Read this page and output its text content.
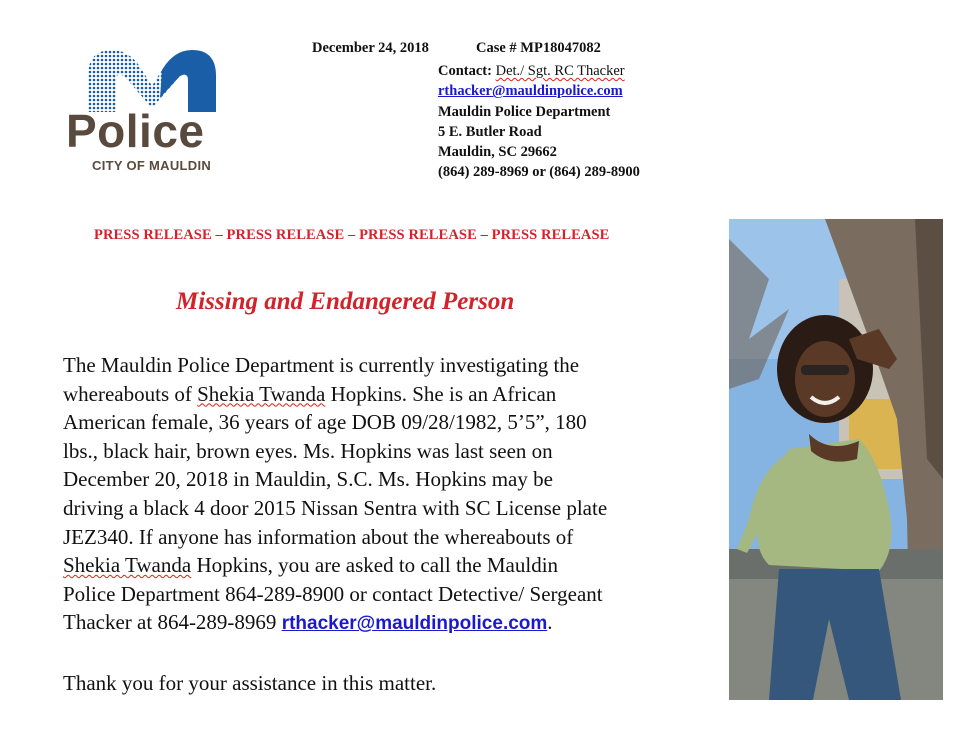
Police
CITY OF MAULDIN
December 24, 2018	Case # MP18047082
Contact: Det./ Sgt. RC Thacker
rthacker@mauldinpolice.com
Mauldin Police Department
5 E. Butler Road
Mauldin, SC 29662
(864) 289-8969 or (864) 289-8900
PRESS RELEASE – PRESS RELEASE – PRESS RELEASE – PRESS RELEASE
Missing and Endangered Person
The Mauldin Police Department is currently investigating the
whereabouts of Shekia Twanda Hopkins. She is an African
American female, 36 years of age DOB 09/28/1982, 5’5”, 180
lbs., black hair, brown eyes. Ms. Hopkins was last seen on
December 20, 2018 in Mauldin, S.C. Ms. Hopkins may be
driving a black 4 door 2015 Nissan Sentra with SC License plate
JEZ340. If anyone has information about the whereabouts of
Shekia Twanda Hopkins, you are asked to call the Mauldin
Police Department 864-289-8900 or contact Detective/ Sergeant
Thacker at 864-289-8969 rthacker@mauldinpolice.com.
Thank you for your assistance in this matter.
